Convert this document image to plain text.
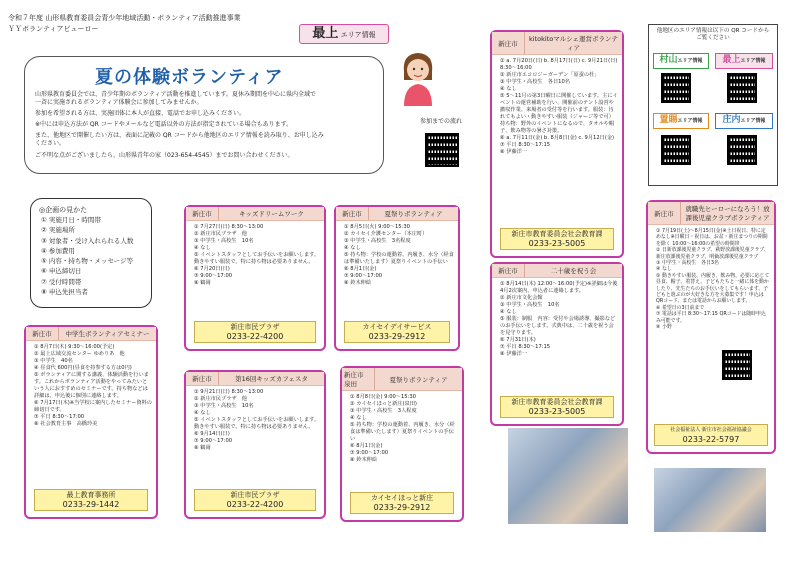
令和７年度 山形県教育委員会青少年地域活動・ボランティア活動推進事業
ＹＹボランティアビューロー	最上 エリア情報
夏の体験ボランティア
山形県教育委員会では、青少年期のボランティア活動を推進しています。夏休み期間を中心に県内全域で
一斉に実施されるボランティア体験会に参加してみませんか。
参加を希望される方は、実施団体に本人が直接、電話でお申し込みください。
※中には申込方法が QR コードやメールなど電話以外の方法が指定されている場合もあります。
また、他地区で開催したい方は、表面に記載の QR コードから他地区のエリア情報を読み取り、お申し込み
ください。
ご不明な点がございましたら、山形県青年の家（023-654-4545）までお問い合わせください。
参加までの流れ
◎企画の見かた
① 実施月日・時間帯
② 実施場所
③ 対象者・受け入れられる人数
④ 参加費用
⑤ 内容・持ち物・メッセージ等
⑥ 申込締切日
⑦ 受付時間帯
⑧ 申込先担当者
他地区のエリア情報は以下の QR コードからご覧ください
村山エリア情報	最上エリア情報
置賜エリア情報	庄内エリア情報
新庄市	キッズドリームワーク
① 7月27日(日) 8:30～13:00
② 新庄市民プラザ　他
③ 中学生・高校生　10名
④ なし
⑤ イベントスタッフとしてお手伝いをお願いします。動きやすい服装で。特に持ち物は必要ありません。
⑥ 7月20日(日)
⑦ 9:00～17:00
⑧ 鶴岡
新庄市民プラザ
0233-22-4200
新庄市	夏祭りボランティア
① 8月5日(火) 9:00～15:30
② カイセイ介護センター（本庄町）
③ 中学生・高校生　3名程度
④ なし
⑤ 持ち物：学校の運動着、内履き、水分（経食は準備いたします）夏祭りイベントの手伝い
⑥ 8月1日(金)
⑦ 9:00～17:00
⑧ 鈴木伸絵
カイセイデイサービス
0233-29-2912
新庄市
kitokitoマルシェ運営ボランティア
① a. 7月20日(日) b. 8月17日(日) c. 9月21日(日) 8:30～16:00
② 新庄市エコロジーガーデン「原蚕の杜」
③ 中学生・高校生　各日10名
④ なし
⑤ 5～11月の第3日曜日に開催しています。主にイベントの運営補助を行い、開催前のテント設営や撤収作業、来場者の受付等を行います。服装：汚れてもよい・動きやすい服装（ジャージ等で可）持ち物：野外のイベントになるので、タオルや帽子、飲み物等の暑さ対策。
⑥ a. 7月11日(金) b. 8月8日(金) c. 9月12日(金)
⑦ 平日 8:30～17:15
⑧ 伊藤洋一
新庄市教育委員会社会教育課
0233-23-5005
新庄市	二十歳を祝う会
① 8月14日(木) 12:00～16:00(予定)※詳細は今後4月2次案内、申込者に連絡します。
② 新庄市文化会館
③ 中学生・高校生　10名
④ なし
⑤ 服装：制服　内容：受付や会場誘導、撮影などのお手伝いをします。式典中は、二十歳を祝う会を見守ります。
⑥ 7月31日(木)
⑦ 平日 8:30～17:15
⑧ 伊藤洋一
新庄市教育委員会社会教育課
0233-23-5005
新庄市
就職先ヒーローになろう！放課後児童クラブボランティア
① 7月19日(土)～8月15日(金)※土日祝日、特に定めなし※日曜日・祝日は、お盆・新庄まつりの期間を除く 10:00～16:00の希望の時間帯
② 日新放課後児童クラブ、萩野放課後児童クラブ、新庄放課後児童クラブ、明倫放課後児童クラブ
③ 中学生・高校生　各日3名
④ なし
⑤ 動きやすい服装、内履き、飲み物。必要に応じて昼食、帽子、着替え。子どもたちと一緒に体を動かしたり、先生たちのお手伝いをしてもらいます。子どもと遊ぶのが大好きな方を大募集です！申込はQRコード、または電話からお願いします。
⑥ 希望日の3日前まで
⑦ 電話は平日 8:30～17:15 QRコードは随時申込み可能です。
⑧ 小野
社会福祉法人 新庄市社会福祉協議会
0233-22-5797
新庄市	中学生ボランティアセミナー
① 8月7日(木) 9:30～16:00(予定)
② 最上広域交流センター ゆめりあ　他
③ 中学生　40名
④ 昼食代 600円(昼食を持参する方は0円)
⑤ ボランティアに関する講義、体験活動を行います。これからボランティア活動をやってみたいという人におすすめのセミナーです。持ち物などは詳細は、申込後に個別に連絡します。
⑥ 7月17日(木)※当学校に案内したセミナー資料の締切日です。
⑦ 平日 8:30～17:00
⑧ 社会教育主事　高橋玲美
最上教育事務所
0233-29-1442
新庄市	第16回キッズカフェスタ
① 9月21日(日) 8:30～13:00
② 新庄市民プラザ　他
③ 中学生・高校生　10名
④ なし
⑤ イベントスタッフとしてお手伝いをお願いします。動きやすい服装で。特に持ち物は必要ありません。
⑥ 9月14日(日)
⑦ 9:00～17:00
⑧ 鶴岡
新庄市民プラザ
0233-22-4200
新庄市 泉田
夏祭りボランティア
① 8月8日(金) 9:00～15:30
② カイセイほっと新庄(泉田)
③ 中学生・高校生　3人程度
④ なし
⑤ 持ち物：学校の運動着、内履き、水分（経食は準備いたします）夏祭りイベントの手伝い
⑥ 8月1日(金)
⑦ 9:00～17:00
⑧ 鈴木伸絵
カイセイほっと新庄
0233-29-2912
